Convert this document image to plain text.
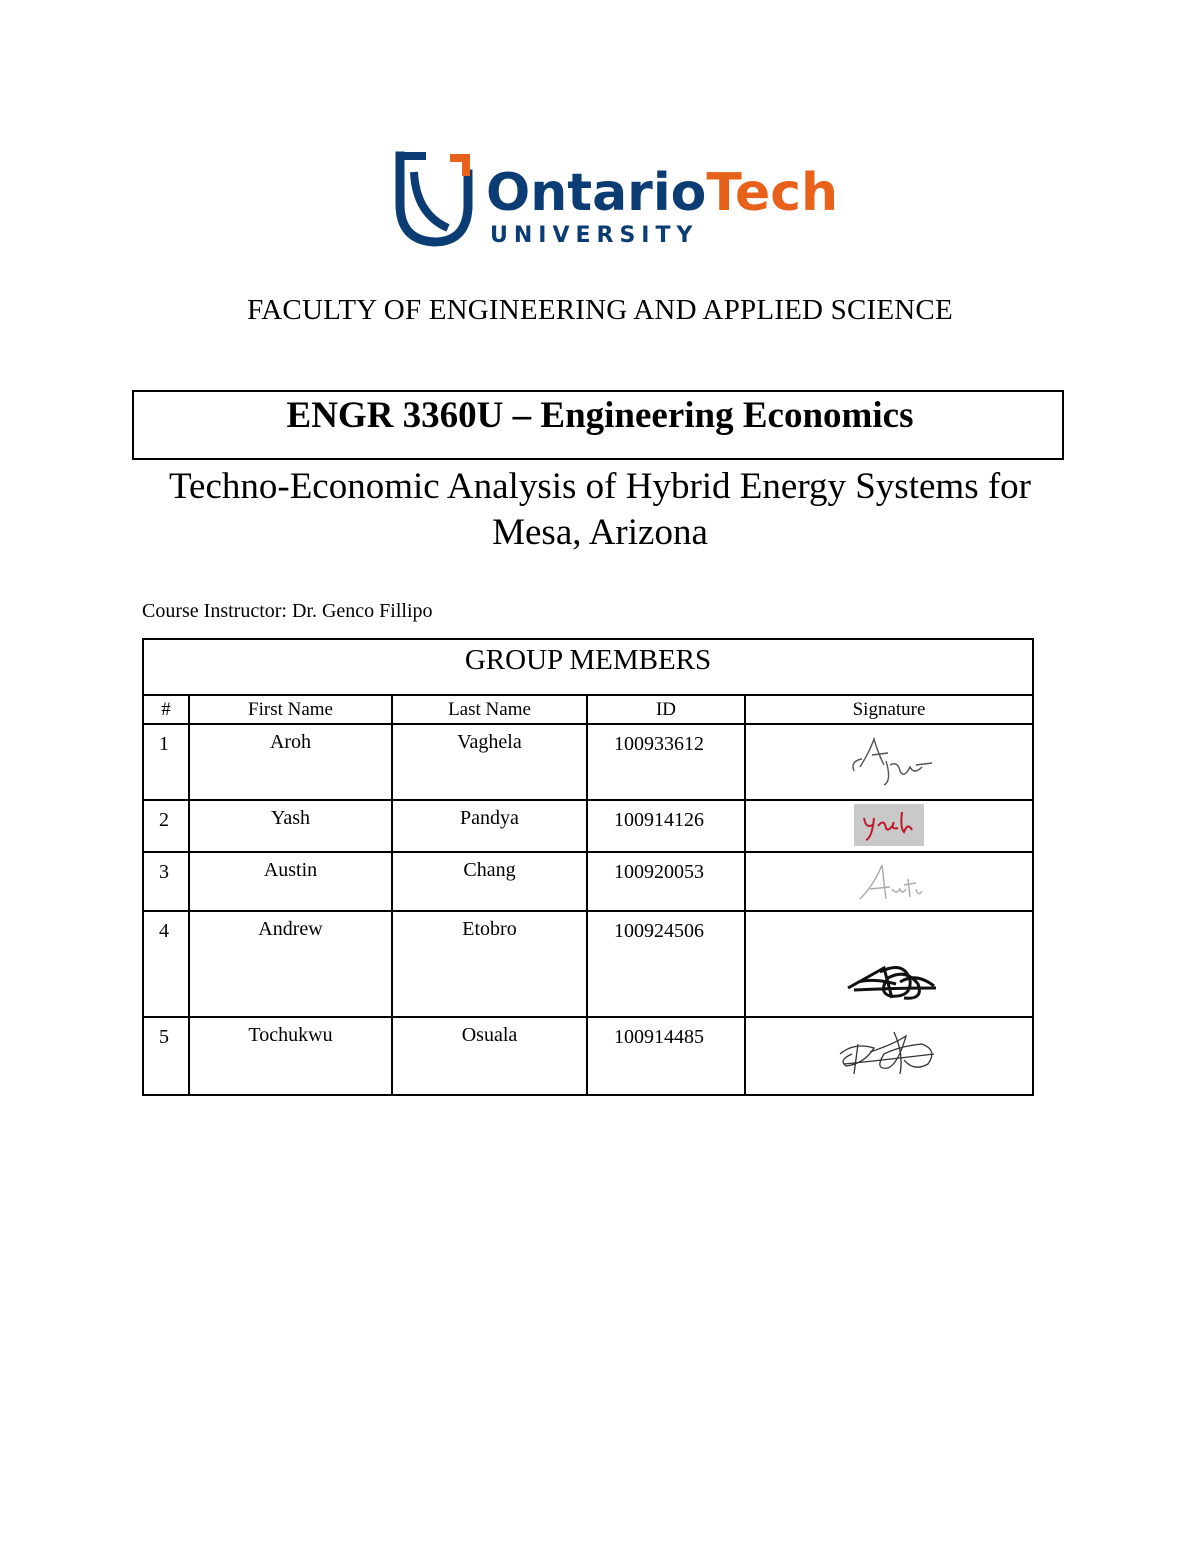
OntarioTech
UNIVERSITY
FACULTY OF ENGINEERING AND APPLIED SCIENCE
ENGR 3360U – Engineering Economics
Techno-Economic Analysis of Hybrid Energy Systems for
Mesa, Arizona
Course Instructor: Dr. Genco Fillipo
GROUP MEMBERS				
#	First Name	Last Name	ID	Signature
1	Aroh	Vaghela	100933612	

2	Yash	Pandya	100914126	

3	Austin	Chang	100920053	

4	Andrew	Etobro	100924506	

5	Tochukwu	Osuala	100914485	
